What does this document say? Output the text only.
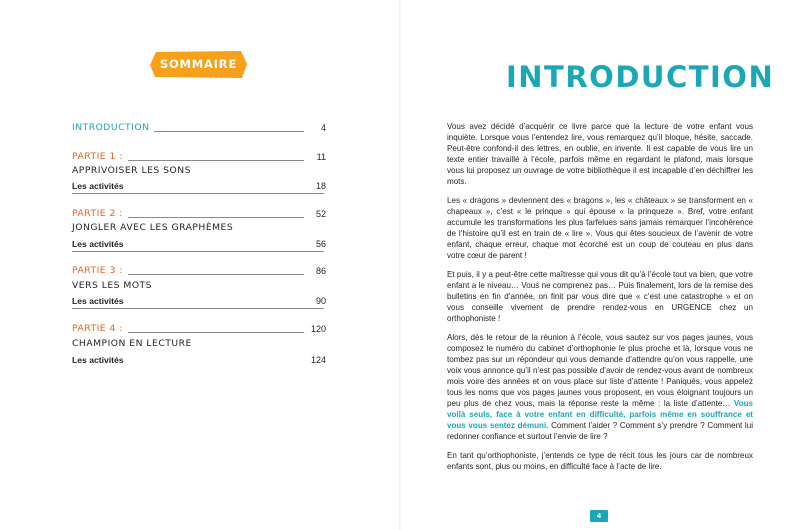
SOMMAIRE
INTRODUCTION	4
PARTIE 1 :	11
APPRIVOISER LES SONS
Les activités	18
PARTIE 2 :	52
JONGLER AVEC LES GRAPHÈMES
Les activités	56
PARTIE 3 :	86
VERS LES MOTS
Les activités	90
PARTIE 4 :	120
CHAMPION EN LECTURE
Les activités	124
INTRODUCTION

Vous avez décidé d’acquérir ce livre parce que la lecture de votre enfant vous inquiète. Lorsque vous l’entendez lire, vous remarquez qu’il bloque, hésite, saccade. Peut-être confond-il des lettres, en oublie, en invente. Il est capable de vous lire un texte entier travaillé à l’école, parfois même en regardant le plafond, mais lorsque vous lui proposez un ouvrage de votre bibliothèque il est incapable d’en déchiffrer les mots.

Les « dragons » deviennent des « bragons », les « châteaux » se transforment en « chapeaux », c’est « le prinque » qui épouse « la prinqueze ». Bref, votre enfant accumule les transformations les plus farfelues sans jamais remarquer l’incohérence de l’histoire qu’il est en train de « lire ». Vous qui êtes soucieux de l’avenir de votre enfant, chaque erreur, chaque mot écorché est un coup de couteau en plus dans votre cœur de parent !

Et puis, il y a peut-être cette maîtresse qui vous dit qu’à l’école tout va bien, que votre enfant a le niveau… Vous ne comprenez pas… Puis finalement, lors de la remise des bulletins en fin d’année, on finit par vous dire que « c’est une catastrophe » et on vous conseille vivement de prendre rendez-vous en URGENCE chez un orthophoniste !

Alors, dès le retour de la réunion à l’école, vous sautez sur vos pages jaunes, vous composez le numéro du cabinet d’orthophonie le plus proche et là, lorsque vous ne tombez pas sur un répondeur qui vous demande d’attendre qu’on vous rappelle, une voix vous annonce qu’il n’est pas possible d’avoir de rendez-vous avant de nombreux mois voire des années et on vous place sur liste d’attente ! Paniqués, vous appelez tous les noms que vos pages jaunes vous proposent, en vous éloignant toujours un peu plus de chez vous, mais la réponse reste la même : la liste d’attente… Vous voilà seuls, face à votre enfant en difficulté, parfois même en souffrance et vous vous sentez démuni. Comment l’aider ? Comment s’y prendre ? Comment lui redonner confiance et surtout l’envie de lire ?

En tant qu’orthophoniste, j’entends ce type de récit tous les jours car de nombreux enfants sont, plus ou moins, en difficulté face à l’acte de lire.

4
